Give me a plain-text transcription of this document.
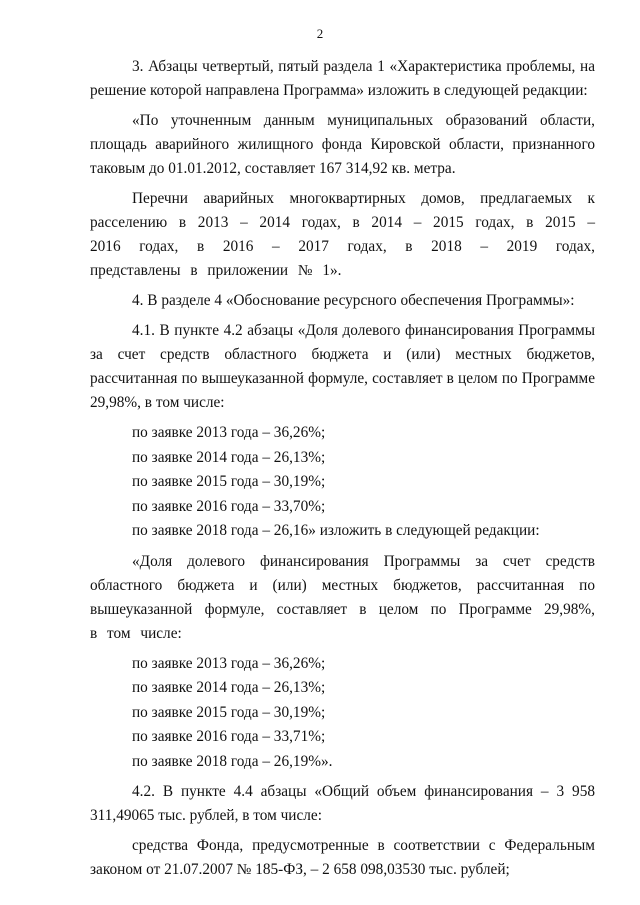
2

3. Абзацы четвертый, пятый раздела 1 «Характеристика проблемы, на решение которой направлена Программа» изложить в следующей редакции:

«По уточненным данным муниципальных образований области, площадь аварийного жилищного фонда Кировской области, признанного таковым до 01.01.2012, составляет 167 314,92 кв. метра.

Перечни аварийных многоквартирных домов, предлагаемых к расселению в 2013 – 2014 годах, в 2014 – 2015 годах, в 2015 – 2016 годах, в 2016 – 2017 годах, в 2018 – 2019 годах, представлены в приложении № 1».

4. В разделе 4 «Обоснование ресурсного обеспечения Программы»:

4.1. В пункте 4.2 абзацы «Доля долевого финансирования Программы за счет средств областного бюджета и (или) местных бюджетов, рассчитанная по вышеуказанной формуле, составляет в целом по Программе 29,98%, в том числе:

по заявке 2013 года – 36,26%;
по заявке 2014 года – 26,13%;
по заявке 2015 года – 30,19%;
по заявке 2016 года – 33,70%;
по заявке 2018 года – 26,16» изложить в следующей редакции:

«Доля долевого финансирования Программы за счет средств областного бюджета и (или) местных бюджетов, рассчитанная по вышеуказанной формуле, составляет в целом по Программе 29,98%, в том числе:

по заявке 2013 года – 36,26%;
по заявке 2014 года – 26,13%;
по заявке 2015 года – 30,19%;
по заявке 2016 года – 33,71%;
по заявке 2018 года – 26,19%».

4.2. В пункте 4.4 абзацы «Общий объем финансирования – 3 958 311,49065 тыс. рублей, в том числе:

средства Фонда, предусмотренные в соответствии с Федеральным законом от 21.07.2007 № 185-ФЗ, – 2 658 098,03530 тыс. рублей;
